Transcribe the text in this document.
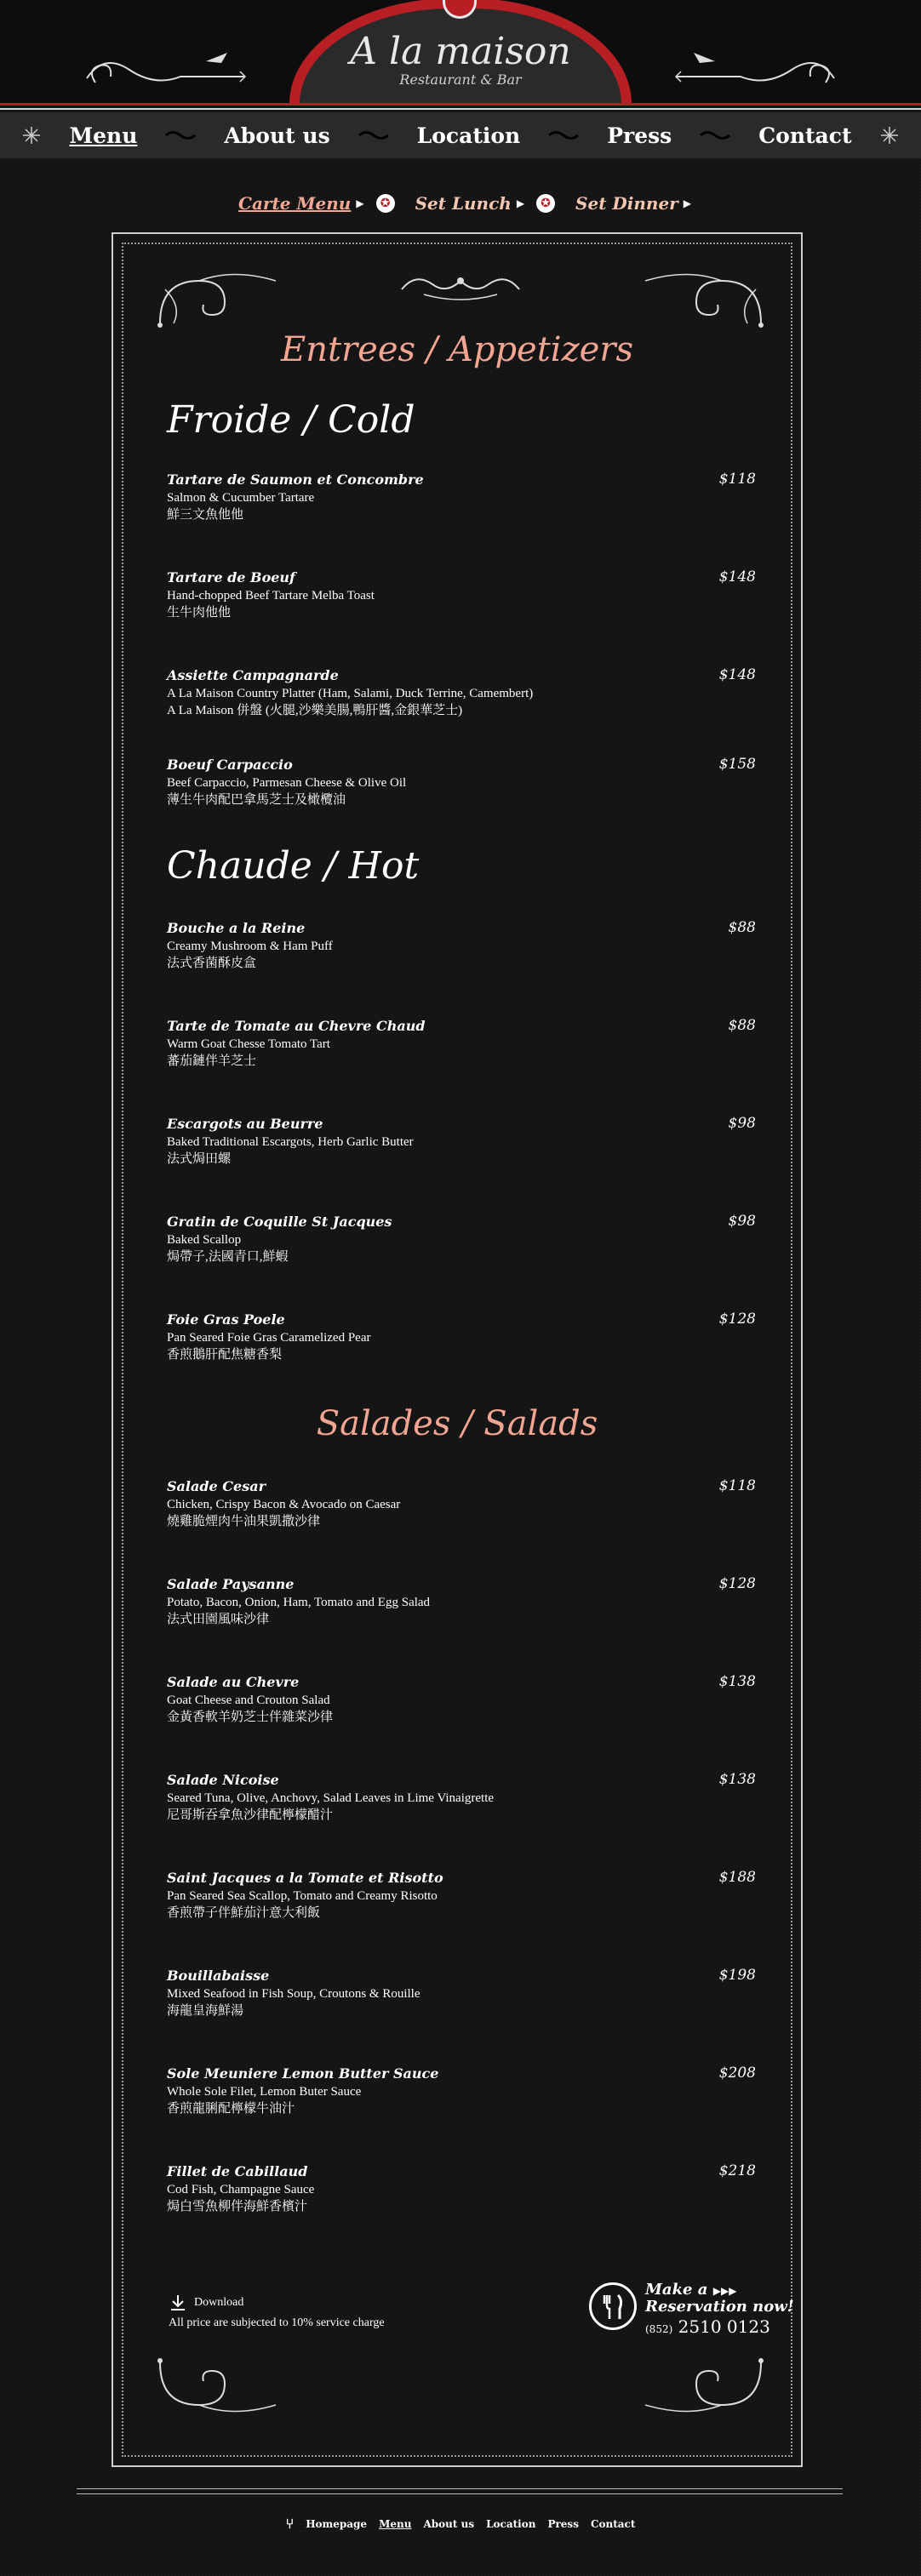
A la maison
Restaurant & Bar
Menu	About us	Location	Press	Contact
Carte Menu ▶	✪	Set Lunch ▶	✪	Set Dinner ▶
Entrees / Appetizers
Froide / Cold
Tartare de Saumon et Concombre	$118
Salmon & Cucumber Tartare
鮮三文魚他他
Tartare de Boeuf	$148
Hand-chopped Beef Tartare Melba Toast
生牛肉他他
Assiette Campagnarde	$148
A La Maison Country Platter (Ham, Salami, Duck Terrine, Camembert)
A La Maison 併盤 (火腿,沙樂美腸,鴨肝醬,金銀華芝士)
Boeuf Carpaccio	$158
Beef Carpaccio, Parmesan Cheese & Olive Oil
薄生牛肉配巴拿馬芝士及橄欖油
Chaude / Hot
Bouche a la Reine	$88
Creamy Mushroom & Ham Puff
法式香菌酥皮盒
Tarte de Tomate au Chevre Chaud	$88
Warm Goat Chesse Tomato Tart
蕃茄鏈伴羊芝士
Escargots au Beurre	$98
Baked Traditional Escargots, Herb Garlic Butter
法式焗田螺
Gratin de Coquille St Jacques	$98
Baked Scallop
焗帶子,法國青口,鮮蝦
Foie Gras Poele	$128
Pan Seared Foie Gras Caramelized Pear
香煎鵝肝配焦糖香梨
Salades / Salads
Salade Cesar	$118
Chicken, Crispy Bacon & Avocado on Caesar
燒雞脆煙肉牛油果凱撒沙律
Salade Paysanne	$128
Potato, Bacon, Onion, Ham, Tomato and Egg Salad
法式田園風味沙律
Salade au Chevre	$138
Goat Cheese and Crouton Salad
金黃香軟羊奶芝士伴雜菜沙律
Salade Nicoise	$138
Seared Tuna, Olive, Anchovy, Salad Leaves in Lime Vinaigrette
尼哥斯吞拿魚沙律配檸檬醋汁
Saint Jacques a la Tomate et Risotto	$188
Pan Seared Sea Scallop, Tomato and Creamy Risotto
香煎帶子伴鮮茄汁意大利飯
Bouillabaisse	$198
Mixed Seafood in Fish Soup, Croutons & Rouille
海龍皇海鮮湯
Sole Meuniere Lemon Butter Sauce	$208
Whole Sole Filet, Lemon Buter Sauce
香煎龍脷配檸檬牛油汁
Fillet de Cabillaud	$218
Cod Fish, Champagne Sauce
焗白雪魚柳伴海鮮香檳汁
Download
All price are subjected to 10% service charge
Make a ▶▶▶
Reservation now!
(852) 2510 0123
⑂ Homepage Menu About us Location Press Contact
